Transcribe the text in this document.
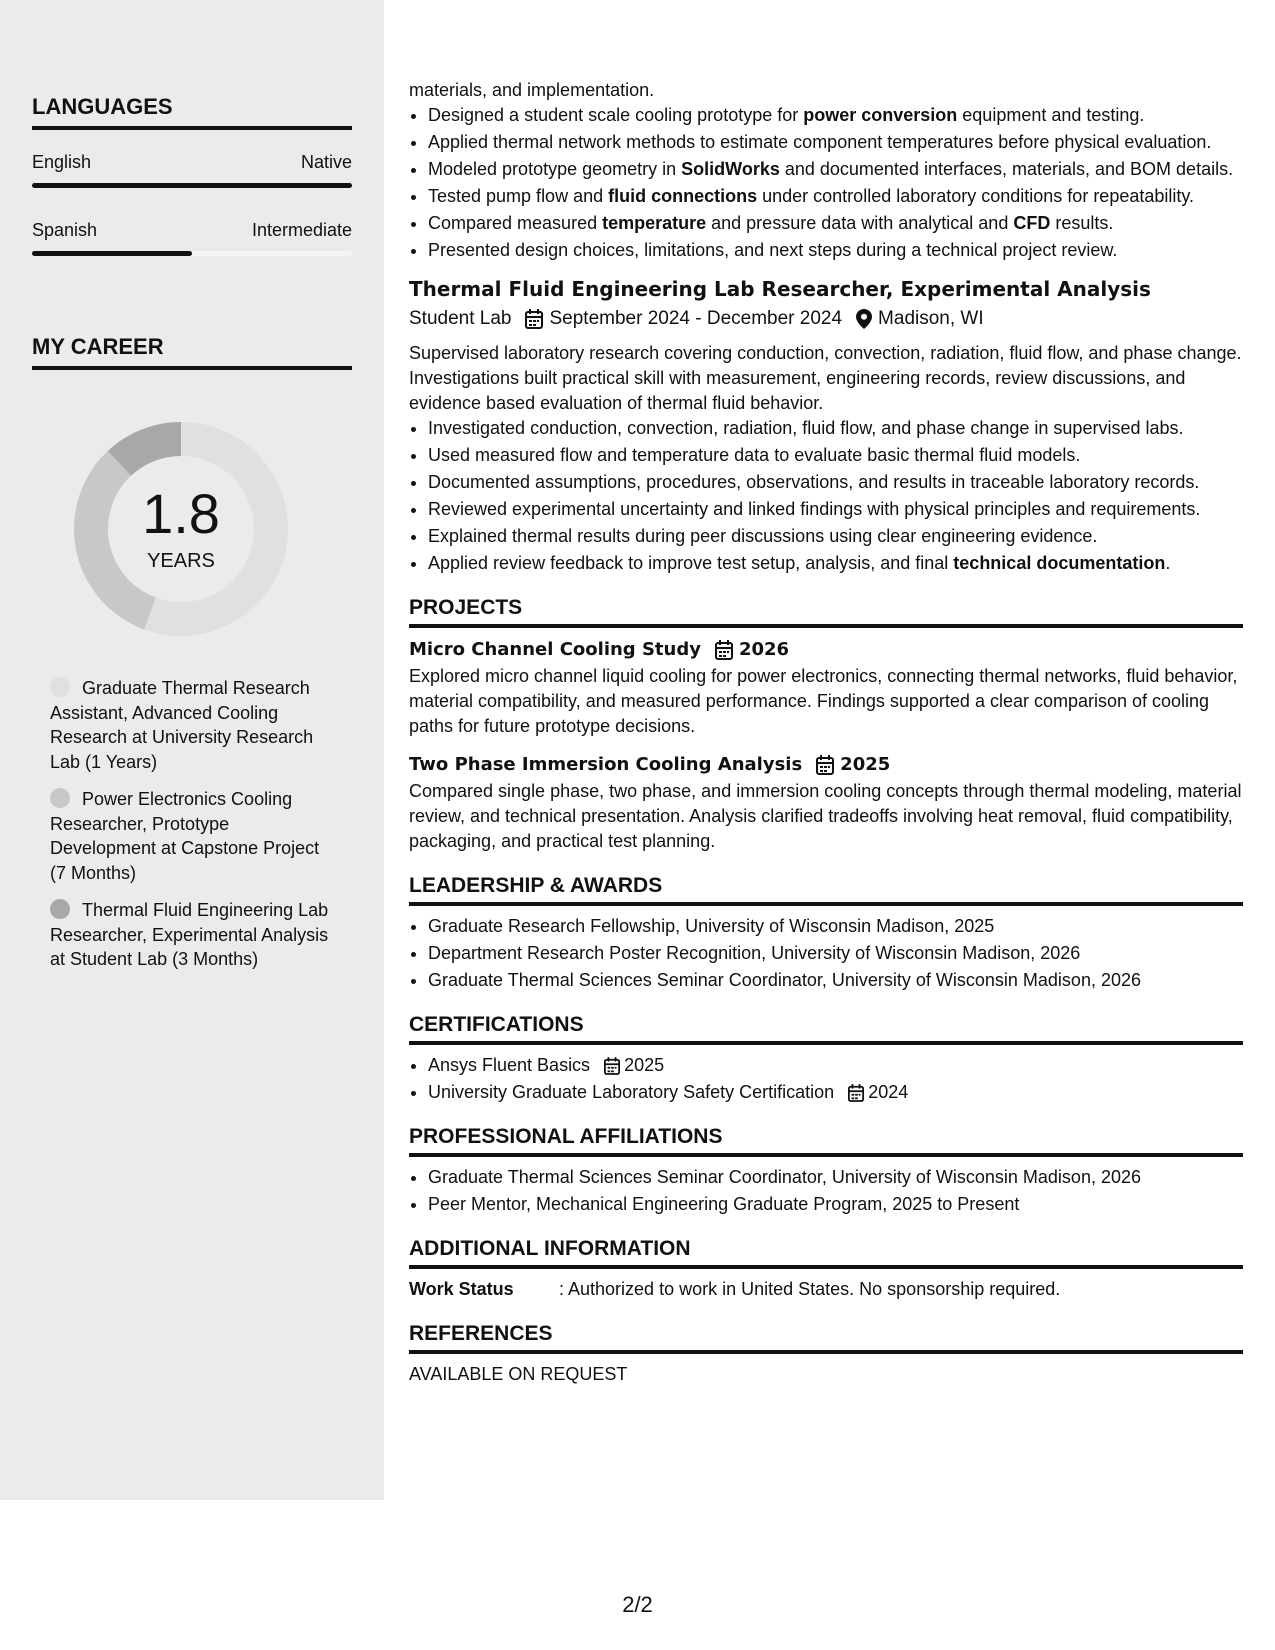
LANGUAGES
English	Native
Spanish	Intermediate
MY CAREER
1.8
YEARS
Graduate Thermal Research Assistant, Advanced Cooling Research at University Research Lab (1 Years)
Power Electronics Cooling Researcher, Prototype Development at Capstone Project (7 Months)
Thermal Fluid Engineering Lab Researcher, Experimental Analysis at Student Lab (3 Months)
materials, and implementation.
• Designed a student scale cooling prototype for power conversion equipment and testing.
• Applied thermal network methods to estimate component temperatures before physical evaluation.
• Modeled prototype geometry in SolidWorks and documented interfaces, materials, and BOM details.
• Tested pump flow and fluid connections under controlled laboratory conditions for repeatability.
• Compared measured temperature and pressure data with analytical and CFD results.
• Presented design choices, limitations, and next steps during a technical project review.
Thermal Fluid Engineering Lab Researcher, Experimental Analysis
Student Lab September 2024 - December 2024 Madison, WI
Supervised laboratory research covering conduction, convection, radiation, fluid flow, and phase change. Investigations built practical skill with measurement, engineering records, review discussions, and evidence based evaluation of thermal fluid behavior.
• Investigated conduction, convection, radiation, fluid flow, and phase change in supervised labs.
• Used measured flow and temperature data to evaluate basic thermal fluid models.
• Documented assumptions, procedures, observations, and results in traceable laboratory records.
• Reviewed experimental uncertainty and linked findings with physical principles and requirements.
• Explained thermal results during peer discussions using clear engineering evidence.
• Applied review feedback to improve test setup, analysis, and final technical documentation.
PROJECTS
Micro Channel Cooling Study 2026
Explored micro channel liquid cooling for power electronics, connecting thermal networks, fluid behavior, material compatibility, and measured performance. Findings supported a clear comparison of cooling paths for future prototype decisions.
Two Phase Immersion Cooling Analysis 2025
Compared single phase, two phase, and immersion cooling concepts through thermal modeling, material review, and technical presentation. Analysis clarified tradeoffs involving heat removal, fluid compatibility, packaging, and practical test planning.
LEADERSHIP & AWARDS
• Graduate Research Fellowship, University of Wisconsin Madison, 2025
• Department Research Poster Recognition, University of Wisconsin Madison, 2026
• Graduate Thermal Sciences Seminar Coordinator, University of Wisconsin Madison, 2026
CERTIFICATIONS
• Ansys Fluent Basics 2025
• University Graduate Laboratory Safety Certification 2024
PROFESSIONAL AFFILIATIONS
• Graduate Thermal Sciences Seminar Coordinator, University of Wisconsin Madison, 2026
• Peer Mentor, Mechanical Engineering Graduate Program, 2025 to Present
ADDITIONAL INFORMATION
Work Status	: Authorized to work in United States. No sponsorship required.
REFERENCES
AVAILABLE ON REQUEST
2/2
